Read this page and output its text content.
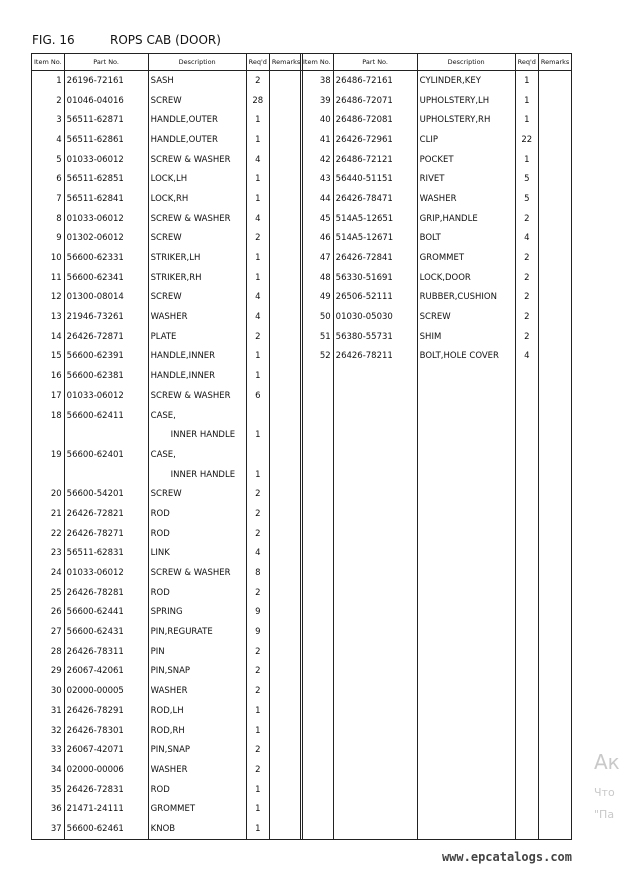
FIG. 16	ROPS CAB (DOOR)
Item No.	Part No.	Description	Req'd	Remarks
1	26196-72161	SASH	2	
2	01046-04016	SCREW	28	
3	56511-62871	HANDLE,OUTER	1	
4	56511-62861	HANDLE,OUTER	1	
5	01033-06012	SCREW & WASHER	4	
6	56511-62851	LOCK,LH	1	
7	56511-62841	LOCK,RH	1	
8	01033-06012	SCREW & WASHER	4	
9	01302-06012	SCREW	2	
10	56600-62331	STRIKER,LH	1	
11	56600-62341	STRIKER,RH	1	
12	01300-08014	SCREW	4	
13	21946-73261	WASHER	4	
14	26426-72871	PLATE	2	
15	56600-62391	HANDLE,INNER	1	
16	56600-62381	HANDLE,INNER	1	
17	01033-06012	SCREW & WASHER	6	
18	56600-62411	CASE,		
		INNER HANDLE	1	
19	56600-62401	CASE,		
		INNER HANDLE	1	
20	56600-54201	SCREW	2	
21	26426-72821	ROD	2	
22	26426-78271	ROD	2	
23	56511-62831	LINK	4	
24	01033-06012	SCREW & WASHER	8	
25	26426-78281	ROD	2	
26	56600-62441	SPRING	9	
27	56600-62431	PIN,REGURATE	9	
28	26426-78311	PIN	2	
29	26067-42061	PIN,SNAP	2	
30	02000-00005	WASHER	2	
31	26426-78291	ROD,LH	1	
32	26426-78301	ROD,RH	1	
33	26067-42071	PIN,SNAP	2	
34	02000-00006	WASHER	2	
35	26426-72831	ROD	1	
36	21471-24111	GROMMET	1	
37	56600-62461	KNOB	1	
Item No.	Part No.	Description	Req'd	Remarks
38	26486-72161	CYLINDER,KEY	1	
39	26486-72071	UPHOLSTERY,LH	1	
40	26486-72081	UPHOLSTERY,RH	1	
41	26426-72961	CLIP	22	
42	26486-72121	POCKET	1	
43	56440-51151	RIVET	5	
44	26426-78471	WASHER	5	
45	514A5-12651	GRIP,HANDLE	2	
46	514A5-12671	BOLT	4	
47	26426-72841	GROMMET	2	
48	56330-51691	LOCK,DOOR	2	
49	26506-52111	RUBBER,CUSHION	2	
50	01030-05030	SCREW	2	
51	56380-55731	SHIM	2	
52	26426-78211	BOLT,HOLE COVER	4	

Ак
Что
"Па
www.epcatalogs.com
